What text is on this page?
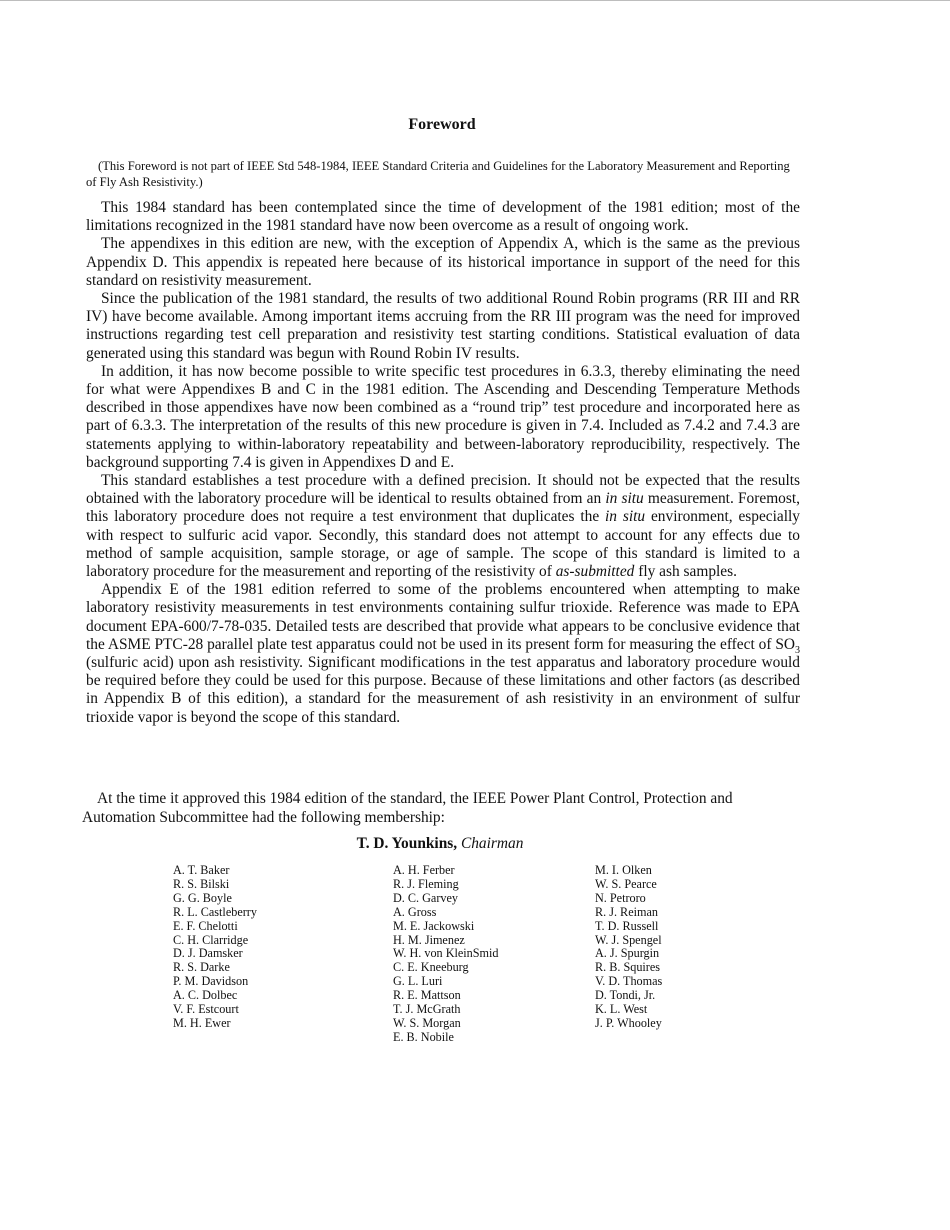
Foreword
(This Foreword is not part of IEEE Std 548-1984, IEEE Standard Criteria and Guidelines for the Laboratory Measurement and Reporting of Fly Ash Resistivity.)

This 1984 standard has been contemplated since the time of development of the 1981 edition; most of the limitations recognized in the 1981 standard have now been overcome as a result of ongoing work.

The appendixes in this edition are new, with the exception of Appendix A, which is the same as the previous Appendix D. This appendix is repeated here because of its historical importance in support of the need for this standard on resistivity measurement.

Since the publication of the 1981 standard, the results of two additional Round Robin programs (RR III and RR IV) have become available. Among important items accruing from the RR III program was the need for improved instructions regarding test cell preparation and resistivity test starting conditions. Statistical evaluation of data generated using this standard was begun with Round Robin IV results.

In addition, it has now become possible to write specific test procedures in 6.3.3, thereby eliminating the need for what were Appendixes B and C in the 1981 edition. The Ascending and Descending Temperature Methods described in those appendixes have now been combined as a “round trip” test procedure and incorporated here as part of 6.3.3. The interpretation of the results of this new procedure is given in 7.4. Included as 7.4.2 and 7.4.3 are statements applying to within-laboratory repeatability and between-laboratory reproducibility, respectively. The background supporting 7.4 is given in Appendixes D and E.

This standard establishes a test procedure with a defined precision. It should not be expected that the results obtained with the laboratory procedure will be identical to results obtained from an in situ measurement. Foremost, this laboratory procedure does not require a test environment that duplicates the in situ environment, especially with respect to sulfuric acid vapor. Secondly, this standard does not attempt to account for any effects due to method of sample acquisition, sample storage, or age of sample. The scope of this standard is limited to a laboratory procedure for the measurement and reporting of the resistivity of as-submitted fly ash samples.

Appendix E of the 1981 edition referred to some of the problems encountered when attempting to make laboratory resistivity measurements in test environments containing sulfur trioxide. Reference was made to EPA document EPA-600/7-78-035. Detailed tests are described that provide what appears to be conclusive evidence that the ASME PTC-28 parallel plate test apparatus could not be used in its present form for measuring the effect of $SO_3$ (sulfuric acid) upon ash resistivity. Significant modifications in the test apparatus and laboratory procedure would be required before they could be used for this purpose. Because of these limitations and other factors (as described in Appendix B of this edition), a standard for the measurement of ash resistivity in an environment of sulfur trioxide vapor is beyond the scope of this standard.

At the time it approved this 1984 edition of the standard, the IEEE Power Plant Control, Protection and Automation Subcommittee had the following membership:

T. D. Younkins, Chairman
A. T. Baker
R. S. Bilski
G. G. Boyle
R. L. Castleberry
E. F. Chelotti
C. H. Clarridge
D. J. Damsker
R. S. Darke
P. M. Davidson
A. C. Dolbec
V. F. Estcourt
M. H. Ewer
A. H. Ferber
R. J. Fleming
D. C. Garvey
A. Gross
M. E. Jackowski
H. M. Jimenez
W. H. von KleinSmid
C. E. Kneeburg
G. L. Luri
R. E. Mattson
T. J. McGrath
W. S. Morgan
E. B. Nobile
M. I. Olken
W. S. Pearce
N. Petroro
R. J. Reiman
T. D. Russell
W. J. Spengel
A. J. Spurgin
R. B. Squires
V. D. Thomas
D. Tondi, Jr.
K. L. West
J. P. Whooley
